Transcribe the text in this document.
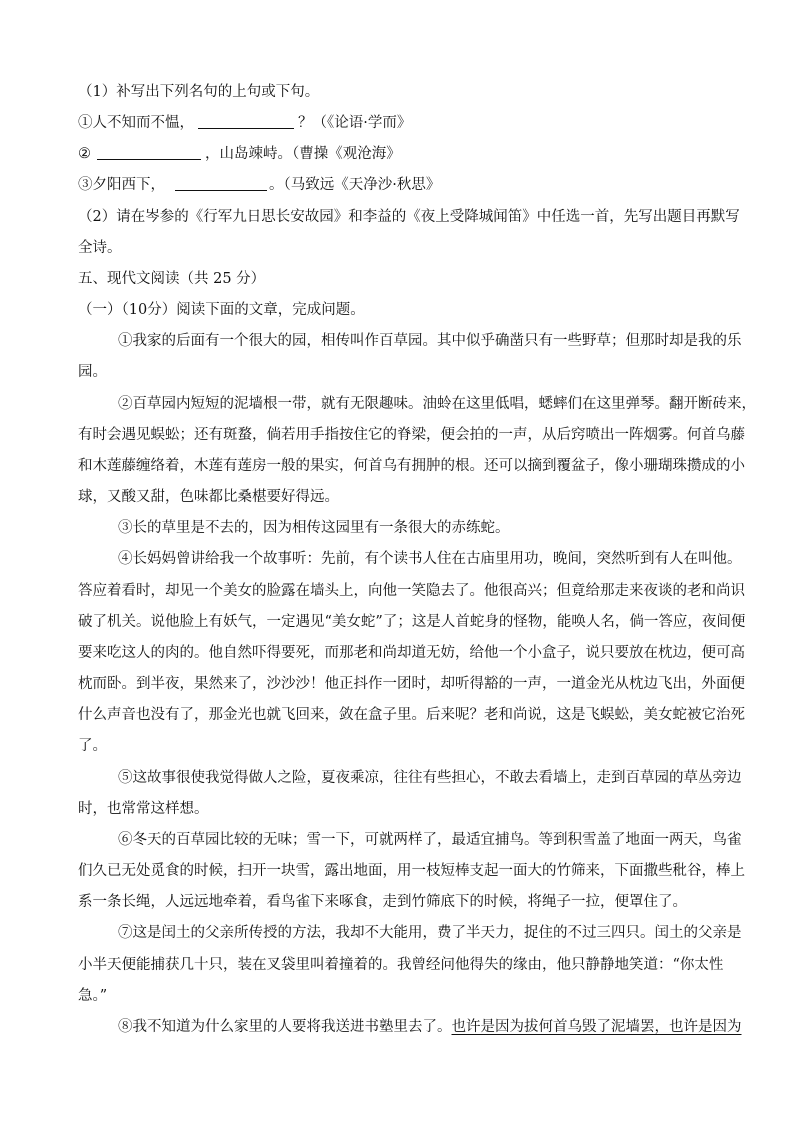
（1）补写出下列名句的上句或下句。
①人不知而不愠，	？（《论语·学而》
②	，山岛竦峙。（曹操《观沧海》
③夕阳西下，	。（马致远《天净沙·秋思》
（2）请在岑参的《行军九日思长安故园》和李益的《夜上受降城闻笛》中任选一首，先写出题目再默写
全诗。
五、现代文阅读（共 25 分）
（一）（10分）阅读下面的文章，完成问题。
①我家的后面有一个很大的园，相传叫作百草园。其中似乎确凿只有一些野草；但那时却是我的乐
园。
②百草园内短短的泥墙根一带，就有无限趣味。油蛉在这里低唱，蟋蟀们在这里弹琴。翻开断砖来，
有时会遇见蜈蚣；还有斑蝥，倘若用手指按住它的脊梁，便会拍的一声，从后窍喷出一阵烟雾。何首乌藤
和木莲藤缠络着，木莲有莲房一般的果实，何首乌有拥肿的根。还可以摘到覆盆子，像小珊瑚珠攒成的小
球，又酸又甜，色味都比桑椹要好得远。
③长的草里是不去的，因为相传这园里有一条很大的赤练蛇。
④长妈妈曾讲给我一个故事听：先前，有个读书人住在古庙里用功，晚间，突然听到有人在叫他。
答应着看时，却见一个美女的脸露在墙头上，向他一笑隐去了。他很高兴；但竟给那走来夜谈的老和尚识
破了机关。说他脸上有妖气，一定遇见“美女蛇”了；这是人首蛇身的怪物，能唤人名，倘一答应，夜间便
要来吃这人的肉的。他自然吓得要死，而那老和尚却道无妨，给他一个小盒子，说只要放在枕边，便可高
枕而卧。到半夜，果然来了，沙沙沙！他正抖作一团时，却听得豁的一声，一道金光从枕边飞出，外面便
什么声音也没有了，那金光也就飞回来，敛在盒子里。后来呢？老和尚说，这是飞蜈蚣，美女蛇被它治死
了。
⑤这故事很使我觉得做人之险，夏夜乘凉，往往有些担心，不敢去看墙上，走到百草园的草丛旁边
时，也常常这样想。
⑥冬天的百草园比较的无味；雪一下，可就两样了，最适宜捕鸟。等到积雪盖了地面一两天，鸟雀
们久已无处觅食的时候，扫开一块雪，露出地面，用一枝短棒支起一面大的竹筛来，下面撒些秕谷，棒上
系一条长绳，人远远地牵着，看鸟雀下来啄食，走到竹筛底下的时候，将绳子一拉，便罩住了。
⑦这是闰土的父亲所传授的方法，我却不大能用，费了半天力，捉住的不过三四只。闰土的父亲是
小半天便能捕获几十只，装在叉袋里叫着撞着的。我曾经问他得失的缘由，他只静静地笑道：“你太性
急。”
⑧我不知道为什么家里的人要将我送进书塾里去了。也许是因为拔何首乌毁了泥墙罢，也许是因为
